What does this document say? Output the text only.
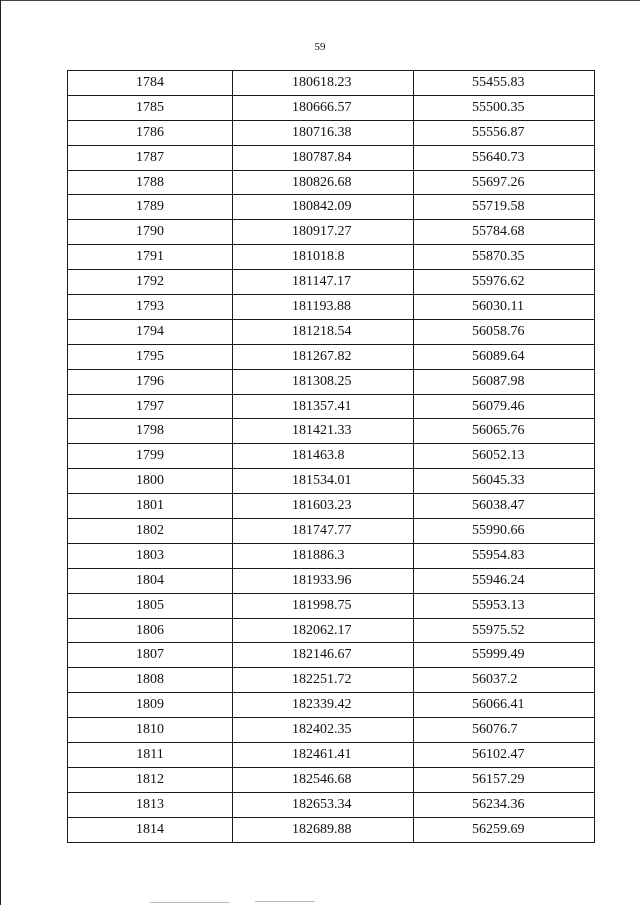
59
1784	180618.23	55455.83
1785	180666.57	55500.35
1786	180716.38	55556.87
1787	180787.84	55640.73
1788	180826.68	55697.26
1789	180842.09	55719.58
1790	180917.27	55784.68
1791	181018.8	55870.35
1792	181147.17	55976.62
1793	181193.88	56030.11
1794	181218.54	56058.76
1795	181267.82	56089.64
1796	181308.25	56087.98
1797	181357.41	56079.46
1798	181421.33	56065.76
1799	181463.8	56052.13
1800	181534.01	56045.33
1801	181603.23	56038.47
1802	181747.77	55990.66
1803	181886.3	55954.83
1804	181933.96	55946.24
1805	181998.75	55953.13
1806	182062.17	55975.52
1807	182146.67	55999.49
1808	182251.72	56037.2
1809	182339.42	56066.41
1810	182402.35	56076.7
1811	182461.41	56102.47
1812	182546.68	56157.29
1813	182653.34	56234.36
1814	182689.88	56259.69
